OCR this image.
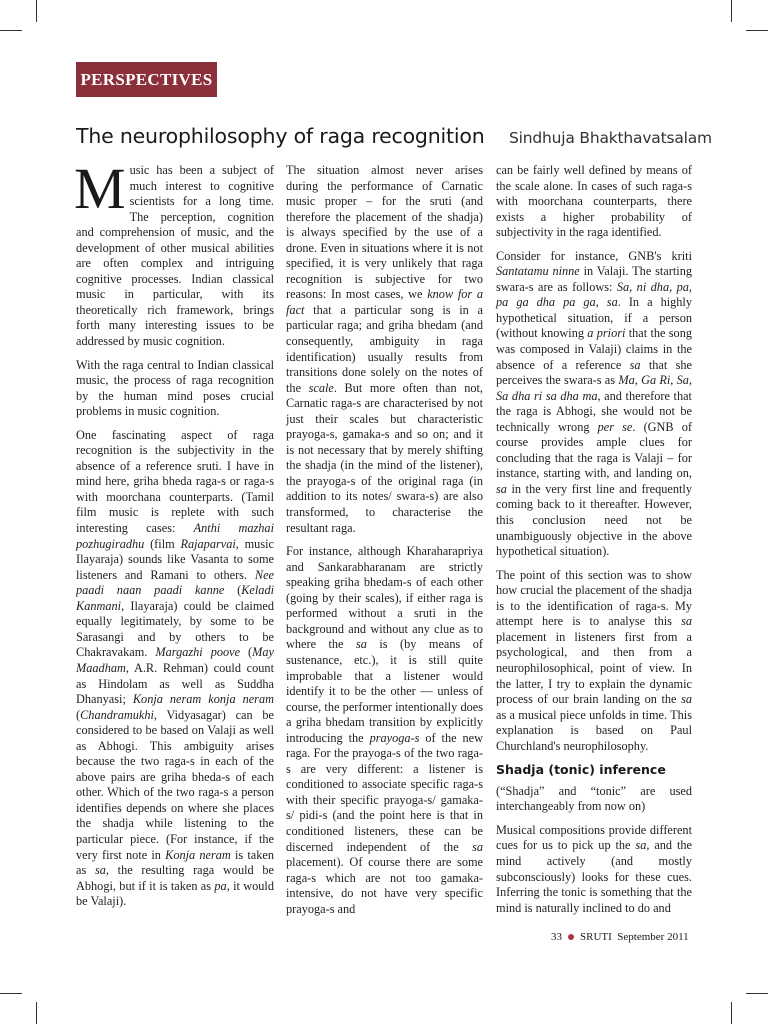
PERSPECTIVES
The neurophilosophy of raga recognition Sindhuja Bhakthavatsalam

Music has been a subject of much interest to cognitive scientists for a long time. The perception, cognition and comprehension of music, and the development of other musical abilities are often complex and intriguing cognitive processes. Indian classical music in particular, with its theoretically rich framework, brings forth many interesting issues to be addressed by music cognition.

With the raga central to Indian classical music, the process of raga recognition by the human mind poses crucial problems in music cognition.

One fascinating aspect of raga recognition is the subjectivity in the absence of a reference sruti. I have in mind here, griha bheda raga-s or raga-s with moorchana counterparts. (Tamil film music is replete with such interesting cases: Anthi mazhai pozhugiradhu (film Rajaparvai, music Ilayaraja) sounds like Vasanta to some listeners and Ramani to others. Nee paadi naan paadi kanne (Keladi Kanmani, Ilayaraja) could be claimed equally legitimately, by some to be Sarasangi and by others to be Chakravakam. Margazhi poove (May Maadham, A.R. Rehman) could count as Hindolam as well as Suddha Dhanyasi; Konja neram konja neram (Chandramukhi, Vidyasagar) can be considered to be based on Valaji as well as Abhogi. This ambiguity arises because the two raga-s in each of the above pairs are griha bheda-s of each other. Which of the two raga-s a person identifies depends on where she places the shadja while listening to the particular piece. (For instance, if the very first note in Konja neram is taken as sa, the resulting raga would be Abhogi, but if it is taken as pa, it would be Valaji).

The situation almost never arises during the performance of Carnatic music proper – for the sruti (and therefore the placement of the shadja) is always specified by the use of a drone. Even in situations where it is not specified, it is very unlikely that raga recognition is subjective for two reasons: In most cases, we know for a fact that a particular song is in a particular raga; and griha bhedam (and consequently, ambiguity in raga identification) usually results from transitions done solely on the notes of the scale. But more often than not, Carnatic raga-s are characterised by not just their scales but characteristic prayoga-s, gamaka-s and so on; and it is not necessary that by merely shifting the shadja (in the mind of the listener), the prayoga-s of the original raga (in addition to its notes/ swara-s) are also transformed, to characterise the resultant raga.

For instance, although Kharaharapriya and Sankarabharanam are strictly speaking griha bhedam-s of each other (going by their scales), if either raga is performed without a sruti in the background and without any clue as to where the sa is (by means of sustenance, etc.), it is still quite improbable that a listener would identify it to be the other — unless of course, the performer intentionally does a griha bhedam transition by explicitly introducing the prayoga-s of the new raga. For the prayoga-s of the two raga-s are very different: a listener is conditioned to associate specific raga-s with their specific prayoga-s/ gamaka-s/ pidi-s (and the point here is that in conditioned listeners, these can be discerned independent of the sa placement). Of course there are some raga-s which are not too gamaka-intensive, do not have very specific prayoga-s and

can be fairly well defined by means of the scale alone. In cases of such raga-s with moorchana counterparts, there exists a higher probability of subjectivity in the raga identified.

Consider for instance, GNB's kriti Santatamu ninne in Valaji. The starting swara-s are as follows: Sa, ni dha, pa, pa ga dha pa ga, sa. In a highly hypothetical situation, if a person (without knowing a priori that the song was composed in Valaji) claims in the absence of a reference sa that she perceives the swara-s as Ma, Ga Ri, Sa, Sa dha ri sa dha ma, and therefore that the raga is Abhogi, she would not be technically wrong per se. (GNB of course provides ample clues for concluding that the raga is Valaji – for instance, starting with, and landing on, sa in the very first line and frequently coming back to it thereafter. However, this conclusion need not be unambiguously objective in the above hypothetical situation).

The point of this section was to show how crucial the placement of the shadja is to the identification of raga-s. My attempt here is to analyse this sa placement in listeners first from a psychological, and then from a neurophilosophical, point of view. In the latter, I try to explain the dynamic process of our brain landing on the sa as a musical piece unfolds in time. This explanation is based on Paul Churchland's neurophilosophy.

Shadja (tonic) inference

(“Shadja” and “tonic” are used interchangeably from now on)

Musical compositions provide different cues for us to pick up the sa, and the mind actively (and mostly subconsciously) looks for these cues. Inferring the tonic is something that the mind is naturally inclined to do and

33 SRUTI September 2011
